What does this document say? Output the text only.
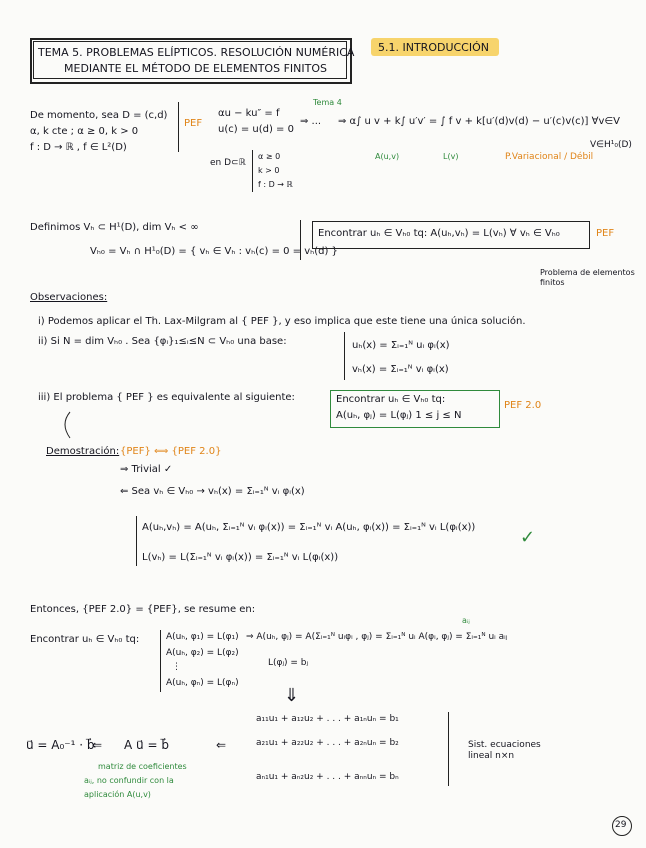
TEMA 5. PROBLEMAS ELÍPTICOS. RESOLUCIÓN NUMÉRICA
MEDIANTE EL MÉTODO DE ELEMENTOS FINITOS
5.1. INTRODUCCIÓN
De momento, sea D = (c,d)
α, k cte ; α ≥ 0, k > 0
f : D → ℝ , f ∈ L²(D)
PEF
αu − ku″ = f
u(c) = u(d) = 0
Tema 4
⇒ ... ⇒ α∫ u v + k∫ u′v′ = ∫ f v + k[u′(d)v(d) − u′(c)v(c)] ∀v∈V
A(u,v)	L(v)
V∈H¹₀(D)
P.Variacional / Débil
en D⊂ℝ
α ≥ 0
k > 0
f : D → ℝ
Definimos Vₕ ⊂ H¹(D), dim Vₕ < ∞
Vₕ₀ = Vₕ ∩ H¹₀(D) = { vₕ ∈ Vₕ : vₕ(c) = 0 = vₕ(d) }
Encontrar uₕ ∈ Vₕ₀ tq: A(uₕ,vₕ) = L(vₕ) ∀ vₕ ∈ Vₕ₀	PEF
Problema de elementos finitos
Observaciones:
i) Podemos aplicar el Th. Lax-Milgram al { PEF }, y eso implica que este tiene una única solución.
ii) Si N = dim Vₕ₀ . Sea {φᵢ}₁≤ᵢ≤N ⊂ Vₕ₀ una base:	uₕ(x) = Σᵢ₌₁ᴺ uᵢ φᵢ(x)
vₕ(x) = Σᵢ₌₁ᴺ vᵢ φᵢ(x)
iii) El problema { PEF } es equivalente al siguiente:	Encontrar uₕ ∈ Vₕ₀ tq:
A(uₕ, φⱼ) = L(φⱼ) 1 ≤ j ≤ N
PEF 2.0
Demostración: {PEF} ⟺ {PEF 2.0}
⇒ Trivial ✓
⇐ Sea vₕ ∈ Vₕ₀ → vₕ(x) = Σᵢ₌₁ᴺ vᵢ φᵢ(x)
A(uₕ,vₕ) = A(uₕ, Σᵢ₌₁ᴺ vᵢ φᵢ(x)) = Σᵢ₌₁ᴺ vᵢ A(uₕ, φᵢ(x)) = Σᵢ₌₁ᴺ vᵢ L(φᵢ(x))
L(vₕ) = L(Σᵢ₌₁ᴺ vᵢ φᵢ(x)) = Σᵢ₌₁ᴺ vᵢ L(φᵢ(x))
✓
Entonces, {PEF 2.0} = {PEF}, se resume en:
Encontrar uₕ ∈ Vₕ₀ tq:	A(uₕ, φ₁) = L(φ₁)
A(uₕ, φ₂) = L(φ₂)
⋮
A(uₕ, φₙ) = L(φₙ)
⇒ A(uₕ, φⱼ) = A(Σᵢ₌₁ᴺ uᵢφᵢ , φⱼ) = Σᵢ₌₁ᴺ uᵢ A(φᵢ, φⱼ) = Σᵢ₌₁ᴺ uᵢ aᵢⱼ
aᵢⱼ
L(φⱼ) = bⱼ
⇓
a₁₁u₁ + a₁₂u₂ + . . . + a₁ₙuₙ = b₁
a₂₁u₁ + a₂₂u₂ + . . . + a₂ₙuₙ = b₂
aₙ₁u₁ + aₙ₂u₂ + . . . + aₙₙuₙ = bₙ
Sist. ecuaciones lineal n×n
u⃗ = A₀⁻¹ · b⃗
⇐ A u⃗ = b⃗	⇐
matriz de coeficientes
aᵢⱼ, no confundir con la
aplicación A(u,v)
29
